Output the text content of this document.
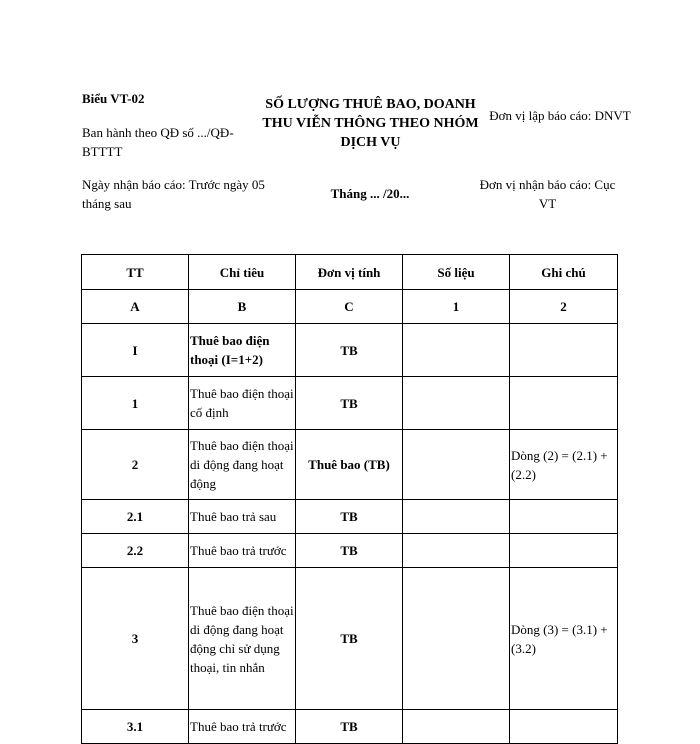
Biểu VT-02
Ban hành theo QĐ số .../QĐ-BTTTT
Ngày nhận báo cáo: Trước ngày 05 tháng sau
SỐ LƯỢNG THUÊ BAO, DOANH THU VIỄN THÔNG THEO NHÓM DỊCH VỤ
Tháng ... /20...
Đơn vị lập báo cáo: DNVT
Đơn vị nhận báo cáo: Cục VT
TT	Chỉ tiêu	Đơn vị tính	Số liệu	Ghi chú
A	B	C	1	2
I	Thuê bao điện thoại (I=1+2)	TB		
1	Thuê bao điện thoại cố định	TB		
2	Thuê bao điện thoại di động đang hoạt động	Thuê bao (TB)		Dòng (2) = (2.1) + (2.2)
2.1	Thuê bao trả sau	TB		
2.2	Thuê bao trả trước	TB		
3	Thuê bao điện thoại di động đang hoạt động chỉ sử dụng thoại, tin nhắn	TB		Dòng (3) = (3.1) + (3.2)
3.1	Thuê bao trả trước	TB		
